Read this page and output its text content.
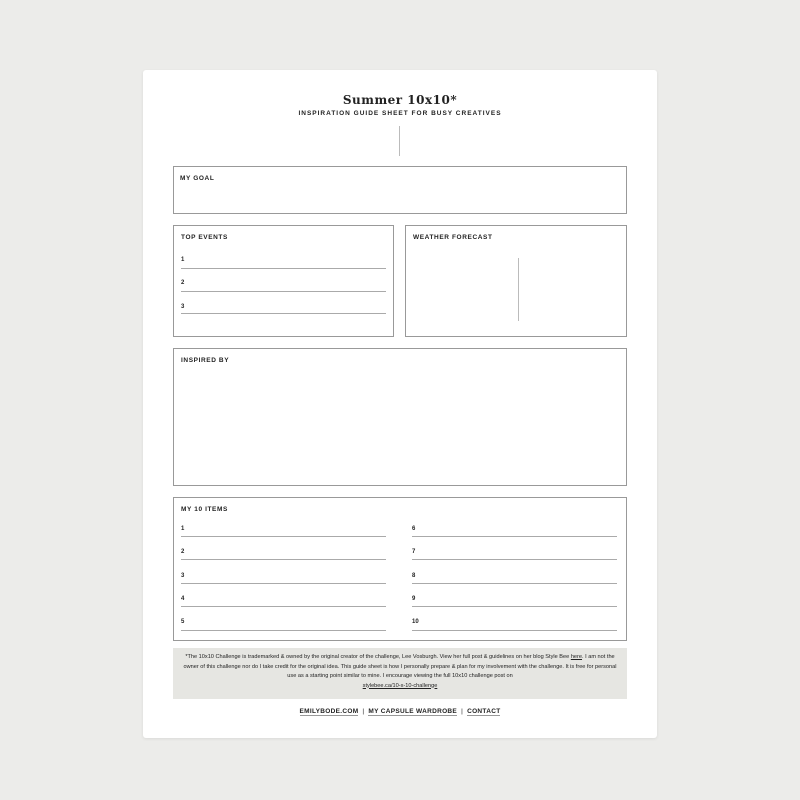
Summer 10x10*
INSPIRATION GUIDE SHEET FOR BUSY CREATIVES
MY GOAL
TOP EVENTS
1
2
3
WEATHER FORECAST
INSPIRED BY
MY 10 ITEMS
1
2
3
4
5
6
7
8
9
10
*The 10x10 Challenge is trademarked & owned by the original creator of the challenge, Lee Vosburgh. View her full post & guidelines on her blog Style Bee here. I am not the owner of this challenge nor do I take credit for the original idea. This guide sheet is how I personally prepare & plan for my involvement with the challenge. It is free for personal use as a starting point similar to mine. I encourage viewing the full 10x10 challenge post on
stylebee.ca/10-x-10-challenge
EMILYBODE.COM | MY CAPSULE WARDROBE | CONTACT
